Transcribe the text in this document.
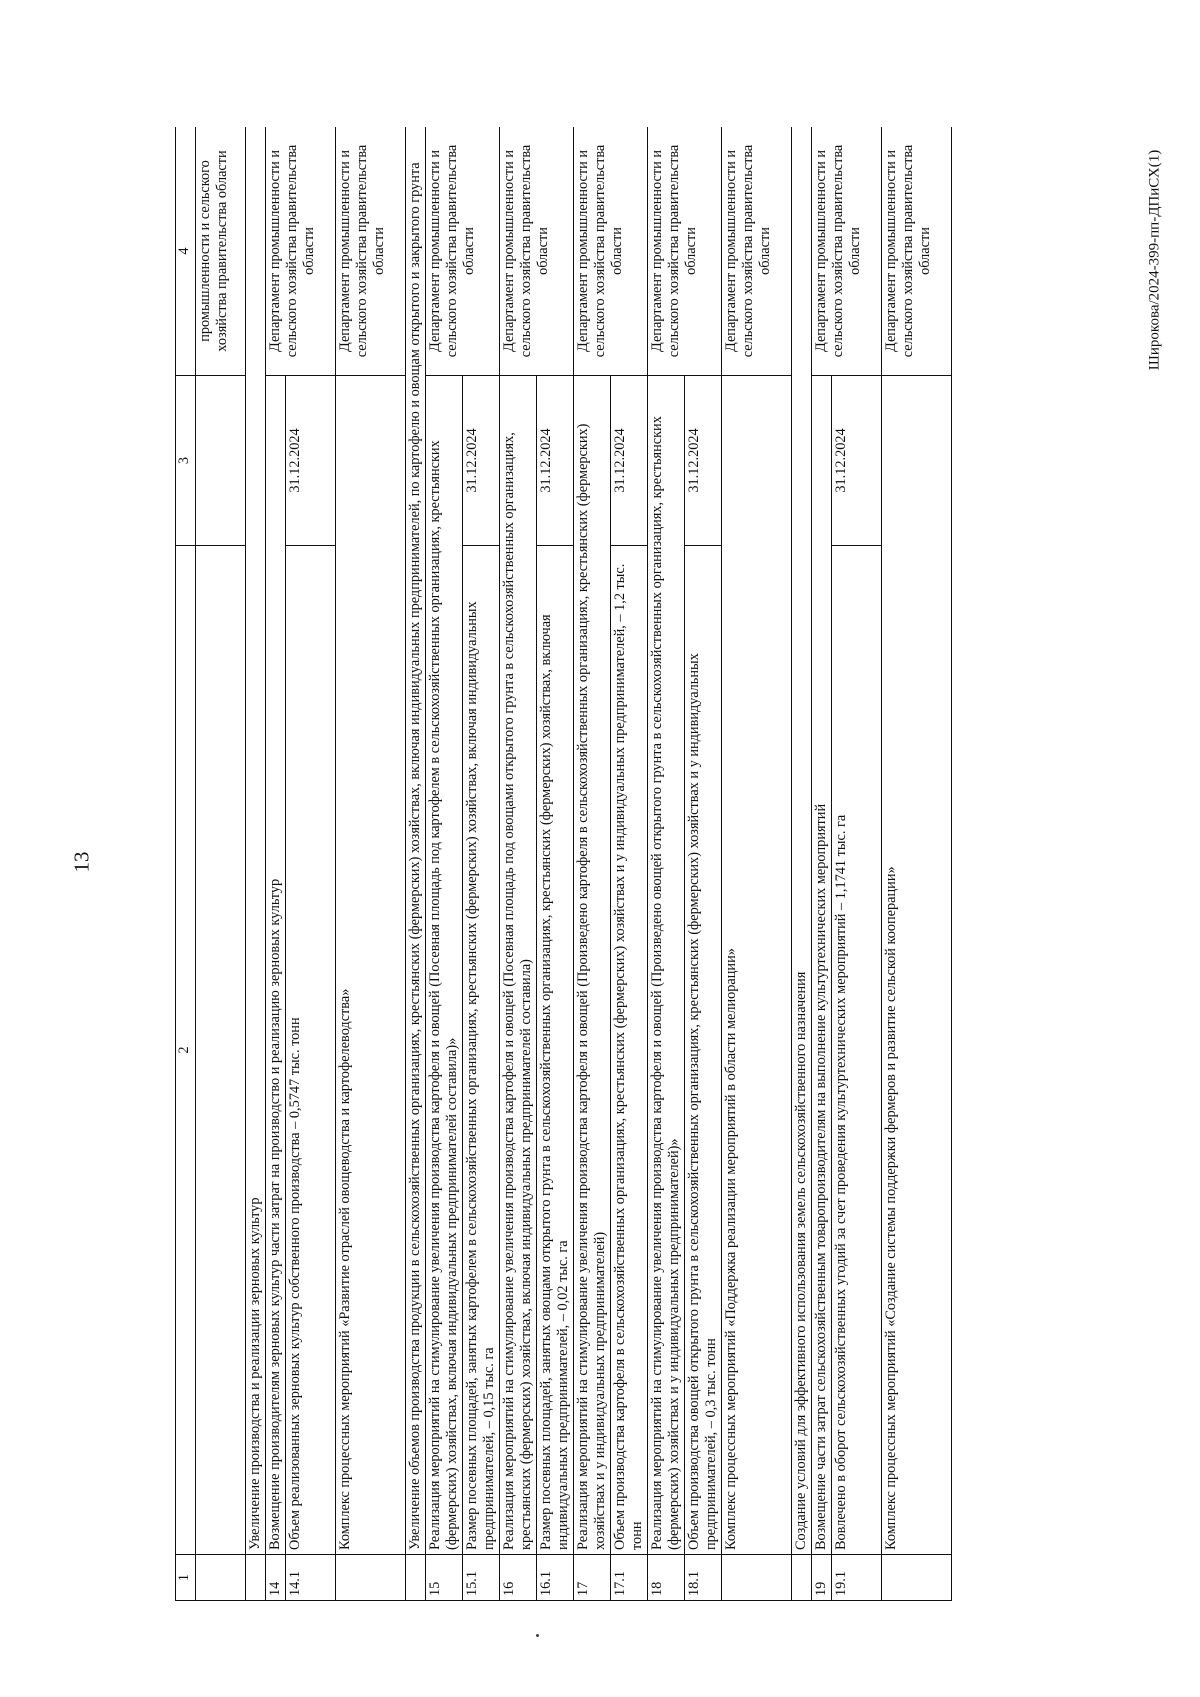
13
Широкова/2024-399-пп-ДПиСХ(1)
1	2	3	4
			промышленности и сельского хозяйства правительства области
	Увеличение производства и реализации зерновых культур		
14	Возмещение производителям зерновых культур части затрат на производство и реализацию зерновых культур		Департамент промышленности и сельского хозяйства правительства области
14.1	Объем реализованных зерновых культур собственного производства – 0,5747 тыс. тонн	31.12.2024	
	Комплекс процессных мероприятий «Развитие отраслей овощеводства и картофелеводства»		Департамент промышленности и сельского хозяйства правительства области
	Увеличение объемов производства продукции в сельскохозяйственных организациях, крестьянских (фермерских) хозяйствах, включая индивидуальных предпринимателей, по картофелю и овощам открытого и закрытого грунта		
15	Реализация мероприятий на стимулирование увеличения производства картофеля и овощей (Посевная площадь под картофелем в сельскохозяйственных организациях, крестьянских (фермерских) хозяйствах, включая индивидуальных предпринимателей составила)»		Департамент промышленности и сельского хозяйства правительства области
15.1	Размер посевных площадей, занятых картофелем в сельскохозяйственных организациях, крестьянских (фермерских) хозяйствах, включая индивидуальных предпринимателей, – 0,15 тыс. га	31.12.2024	
16	Реализация мероприятий на стимулирование увеличения производства картофеля и овощей (Посевная площадь под овощами открытого грунта в сельскохозяйственных организациях, крестьянских (фермерских) хозяйствах, включая индивидуальных предпринимателей составила)		Департамент промышленности и сельского хозяйства правительства области
16.1	Размер посевных площадей, занятых овощами открытого грунта в сельскохозяйственных организациях, крестьянских (фермерских) хозяйствах, включая индивидуальных предпринимателей, – 0,02 тыс. га	31.12.2024	
17	Реализация мероприятий на стимулирование увеличения производства картофеля и овощей (Произведено картофеля в сельскохозяйственных организациях, крестьянских (фермерских) хозяйствах и у индивидуальных предпринимателей)		Департамент промышленности и сельского хозяйства правительства области
17.1	Объем производства картофеля в сельскохозяйственных организациях, крестьянских (фермерских) хозяйствах и у индивидуальных предпринимателей, – 1,2 тыс. тонн	31.12.2024	
18	Реализация мероприятий на стимулирование увеличения производства картофеля и овощей (Произведено овощей открытого грунта в сельскохозяйственных организациях, крестьянских (фермерских) хозяйствах и у индивидуальных предпринимателей)»		Департамент промышленности и сельского хозяйства правительства области
18.1	Объем производства овощей открытого грунта в сельскохозяйственных организациях, крестьянских (фермерских) хозяйствах и у индивидуальных предпринимателей, – 0,3 тыс. тонн	31.12.2024	
	Комплекс процессных мероприятий «Поддержка реализации мероприятий в области мелиорации»		Департамент промышленности и сельского хозяйства правительства области
	Создание условий для эффективного использования земель сельскохозяйственного назначения		
19	Возмещение части затрат сельскохозяйственным товаропроизводителям на выполнение культуртехнических мероприятий		Департамент промышленности и сельского хозяйства правительства области
19.1	Вовлечено в оборот сельскохозяйственных угодий за счет проведения культуртехнических мероприятий – 1,1741 тыс. га	31.12.2024	
	Комплекс процессных мероприятий «Создание системы поддержки фермеров и развитие сельской кооперации»		Департамент промышленности и сельского хозяйства правительства области
